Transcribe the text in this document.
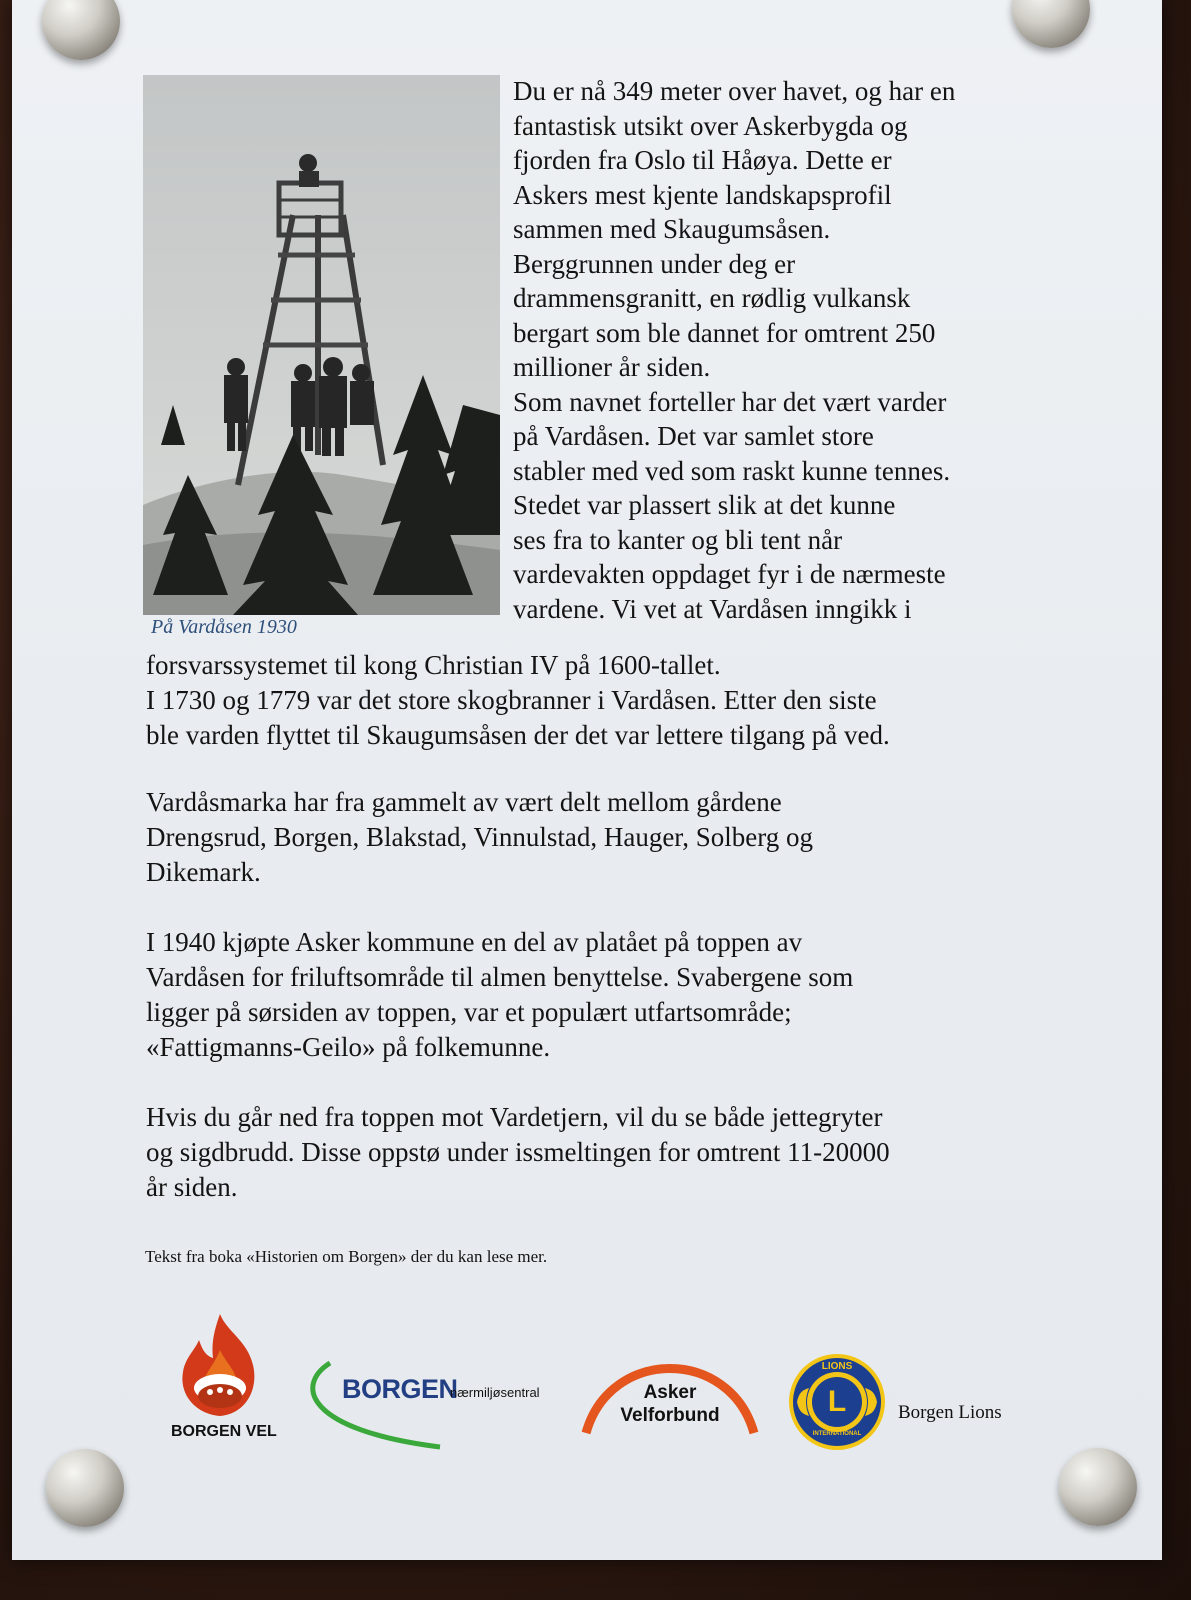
På Vardåsen 1930
Du er nå 349 meter over havet, og har en
fantastisk utsikt over Askerbygda og
fjorden fra Oslo til Håøya. Dette er
Askers mest kjente landskapsprofil
sammen med Skaugumsåsen.
Berggrunnen under deg er
drammensgranitt, en rødlig vulkansk
bergart som ble dannet for omtrent 250
millioner år siden.
Som navnet forteller har det vært varder
på Vardåsen. Det var samlet store
stabler med ved som raskt kunne tennes.
Stedet var plassert slik at det kunne
ses fra to kanter og bli tent når
vardevakten oppdaget fyr i de nærmeste
vardene. Vi vet at Vardåsen inngikk i
forsvarssystemet til kong Christian IV på 1600-tallet.
I 1730 og 1779 var det store skogbranner i Vardåsen. Etter den siste
ble varden flyttet til Skaugumsåsen der det var lettere tilgang på ved.
Vardåsmarka har fra gammelt av vært delt mellom gårdene
Drengsrud, Borgen, Blakstad, Vinnulstad, Hauger, Solberg og
Dikemark.
I 1940 kjøpte Asker kommune en del av platået på toppen av
Vardåsen for friluftsområde til almen benyttelse. Svabergene som
ligger på sørsiden av toppen, var et populært utfartsområde;
«Fattigmanns-Geilo» på folkemunne.
Hvis du går ned fra toppen mot Vardetjern, vil du se både jettegryter
og sigdbrudd. Disse oppstø under issmeltingen for omtrent 11-20000
år siden.
Tekst fra boka «Historien om Borgen» der du kan lese mer.
BORGEN VEL
BORGEN
nærmiljøsentral	Asker
Velforbund
LIONS
L
INTERNATIONAL
Borgen Lions
